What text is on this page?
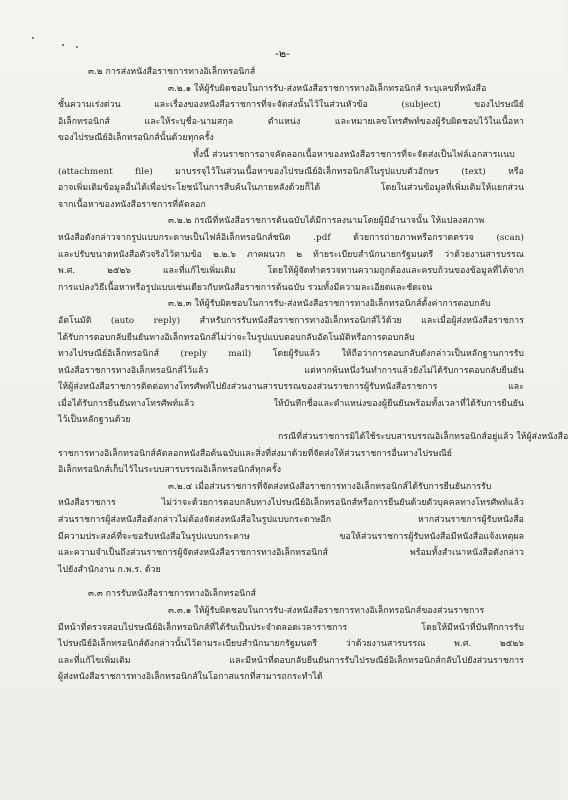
-๒-
๓.๒ การส่งหนังสือราชการทางอิเล็กทรอนิกส์
๓.๒.๑ ให้ผู้รับผิดชอบในการรับ-ส่งหนังสือราชการทางอิเล็กทรอนิกส์ ระบุเลขที่หนังสือ
ชั้นความเร่งด่วน และเรื่องของหนังสือราชการที่จะจัดส่งนั้นไว้ในส่วนหัวข้อ (subject) ของไปรษณีย์
อิเล็กทรอนิกส์ และให้ระบุชื่อ-นามสกุล ตำแหน่ง และหมายเลขโทรศัพท์ของผู้รับผิดชอบไว้ในเนื้อหา
ของไปรษณีย์อิเล็กทรอนิกส์นั้นด้วยทุกครั้ง
ทั้งนี้ ส่วนราชการอาจคัดลอกเนื้อหาของหนังสือราชการที่จะจัดส่งเป็นไฟล์เอกสารแนบ
(attachment file) มาบรรจุไว้ในส่วนเนื้อหาของไปรษณีย์อิเล็กทรอนิกส์ในรูปแบบตัวอักษร (text) หรือ
อาจเพิ่มเติมข้อมูลอื่นได้เพื่อประโยชน์ในการสืบค้นในภายหลังด้วยก็ได้ โดยในส่วนข้อมูลที่เพิ่มเติมให้แยกส่วน
จากเนื้อหาของหนังสือราชการที่คัดลอก
๓.๒.๒ กรณีที่หนังสือราชการต้นฉบับได้มีการลงนามโดยผู้มีอำนาจนั้น ให้แปลงสภาพ
หนังสือดังกล่าวจากรูปแบบกระดาษเป็นไฟล์อิเล็กทรอนิกส์ชนิด .pdf ด้วยการถ่ายภาพหรือกราดตรวจ (scan)
และปรับขนาดหนังสือตัวจริงไว้ตามข้อ ๒.๒.๖ ภาคผนวก ๒ ท้ายระเบียบสำนักนายกรัฐมนตรี ว่าด้วยงานสารบรรณ
พ.ศ. ๒๕๒๖ และที่แก้ไขเพิ่มเติม โดยให้ผู้จัดทำตรวจทานความถูกต้องและครบถ้วนของข้อมูลที่ได้จาก
การแปลงวิธีเนื้อหาหรือรูปแบบเช่นเดียวกับหนังสือราชการต้นฉบับ รวมทั้งมีความละเอียดและชัดเจน
๓.๒.๓ ให้ผู้รับผิดชอบในการรับ-ส่งหนังสือราชการทางอิเล็กทรอนิกส์ตั้งค่าการตอบกลับ
อัตโนมัติ (auto reply) สำหรับการรับหนังสือราชการทางอิเล็กทรอนิกส์ไว้ด้วย และเมื่อผู้ส่งหนังสือราชการ
ได้รับการตอบกลับยืนยันทางอิเล็กทรอนิกส์ไม่ว่าจะในรูปแบบตอบกลับอัตโนมัติหรือการตอบกลับ
ทางไปรษณีย์อิเล็กทรอนิกส์ (reply mail) โดยผู้รับแล้ว ให้ถือว่าการตอบกลับดังกล่าวเป็นหลักฐานการรับ
หนังสือราชการทางอิเล็กทรอนิกส์ไว้แล้ว แต่หากพ้นหนึ่งวันทำการแล้วยังไม่ได้รับการตอบกลับยืนยัน
ให้ผู้ส่งหนังสือราชการติดต่อทางโทรศัพท์ไปยังส่วนงานสารบรรณของส่วนราชการผู้รับหนังสือราชการ และ
เมื่อได้รับการยืนยันทางโทรศัพท์แล้ว ให้บันทึกชื่อและตำแหน่งของผู้ยืนยันพร้อมทั้งเวลาที่ได้รับการยืนยัน
ไว้เป็นหลักฐานด้วย
กรณีที่ส่วนราชการมิได้ใช้ระบบสารบรรณอิเล็กทรอนิกส์อยู่แล้ว ให้ผู้ส่งหนังสือ
ราชการทางอิเล็กทรอนิกส์คัดลอกหนังสือต้นฉบับและสิ่งที่ส่งมาด้วยที่จัดส่งให้ส่วนราชการอื่นทางไปรษณีย์
อิเล็กทรอนิกส์เก็บไว้ในระบบสารบรรณอิเล็กทรอนิกส์ทุกครั้ง
๓.๒.๔ เมื่อส่วนราชการที่จัดส่งหนังสือราชการทางอิเล็กทรอนิกส์ได้รับการยืนยันการรับ
หนังสือราชการ ไม่ว่าจะด้วยการตอบกลับทางไปรษณีย์อิเล็กทรอนิกส์หรือการยืนยันด้วยตัวบุคคลทางโทรศัพท์แล้ว
ส่วนราชการผู้ส่งหนังสือดังกล่าวไม่ต้องจัดส่งหนังสือในรูปแบบกระดาษอีก หากส่วนราชการผู้รับหนังสือ
มีความประสงค์ที่จะขอรับหนังสือในรูปแบบกระดาษ ขอให้ส่วนราชการผู้รับหนังสือมีหนังสือแจ้งเหตุผล
และความจำเป็นถึงส่วนราชการผู้จัดส่งหนังสือราชการทางอิเล็กทรอนิกส์ พร้อมทั้งสำเนาหนังสือดังกล่าว
ไปยังสำนักงาน ก.พ.ร. ด้วย
๓.๓ การรับหนังสือราชการทางอิเล็กทรอนิกส์
๓.๓.๑ ให้ผู้รับผิดชอบในการรับ-ส่งหนังสือราชการทางอิเล็กทรอนิกส์ของส่วนราชการ
มีหน้าที่ตรวจสอบไปรษณีย์อิเล็กทรอนิกส์ที่ได้รับเป็นประจำตลอดเวลาราชการ โดยให้มีหน้าที่บันทึกการรับ
ไปรษณีย์อิเล็กทรอนิกส์ดังกล่าวนั้นไว้ตามระเบียบสำนักนายกรัฐมนตรี ว่าด้วยงานสารบรรณ พ.ศ. ๒๕๒๖
และที่แก้ไขเพิ่มเติม และมีหน้าที่ตอบกลับยืนยันการรับไปรษณีย์อิเล็กทรอนิกส์กลับไปยังส่วนราชการ
ผู้ส่งหนังสือราชการทางอิเล็กทรอนิกส์ในโอกาสแรกที่สามารถกระทำได้
